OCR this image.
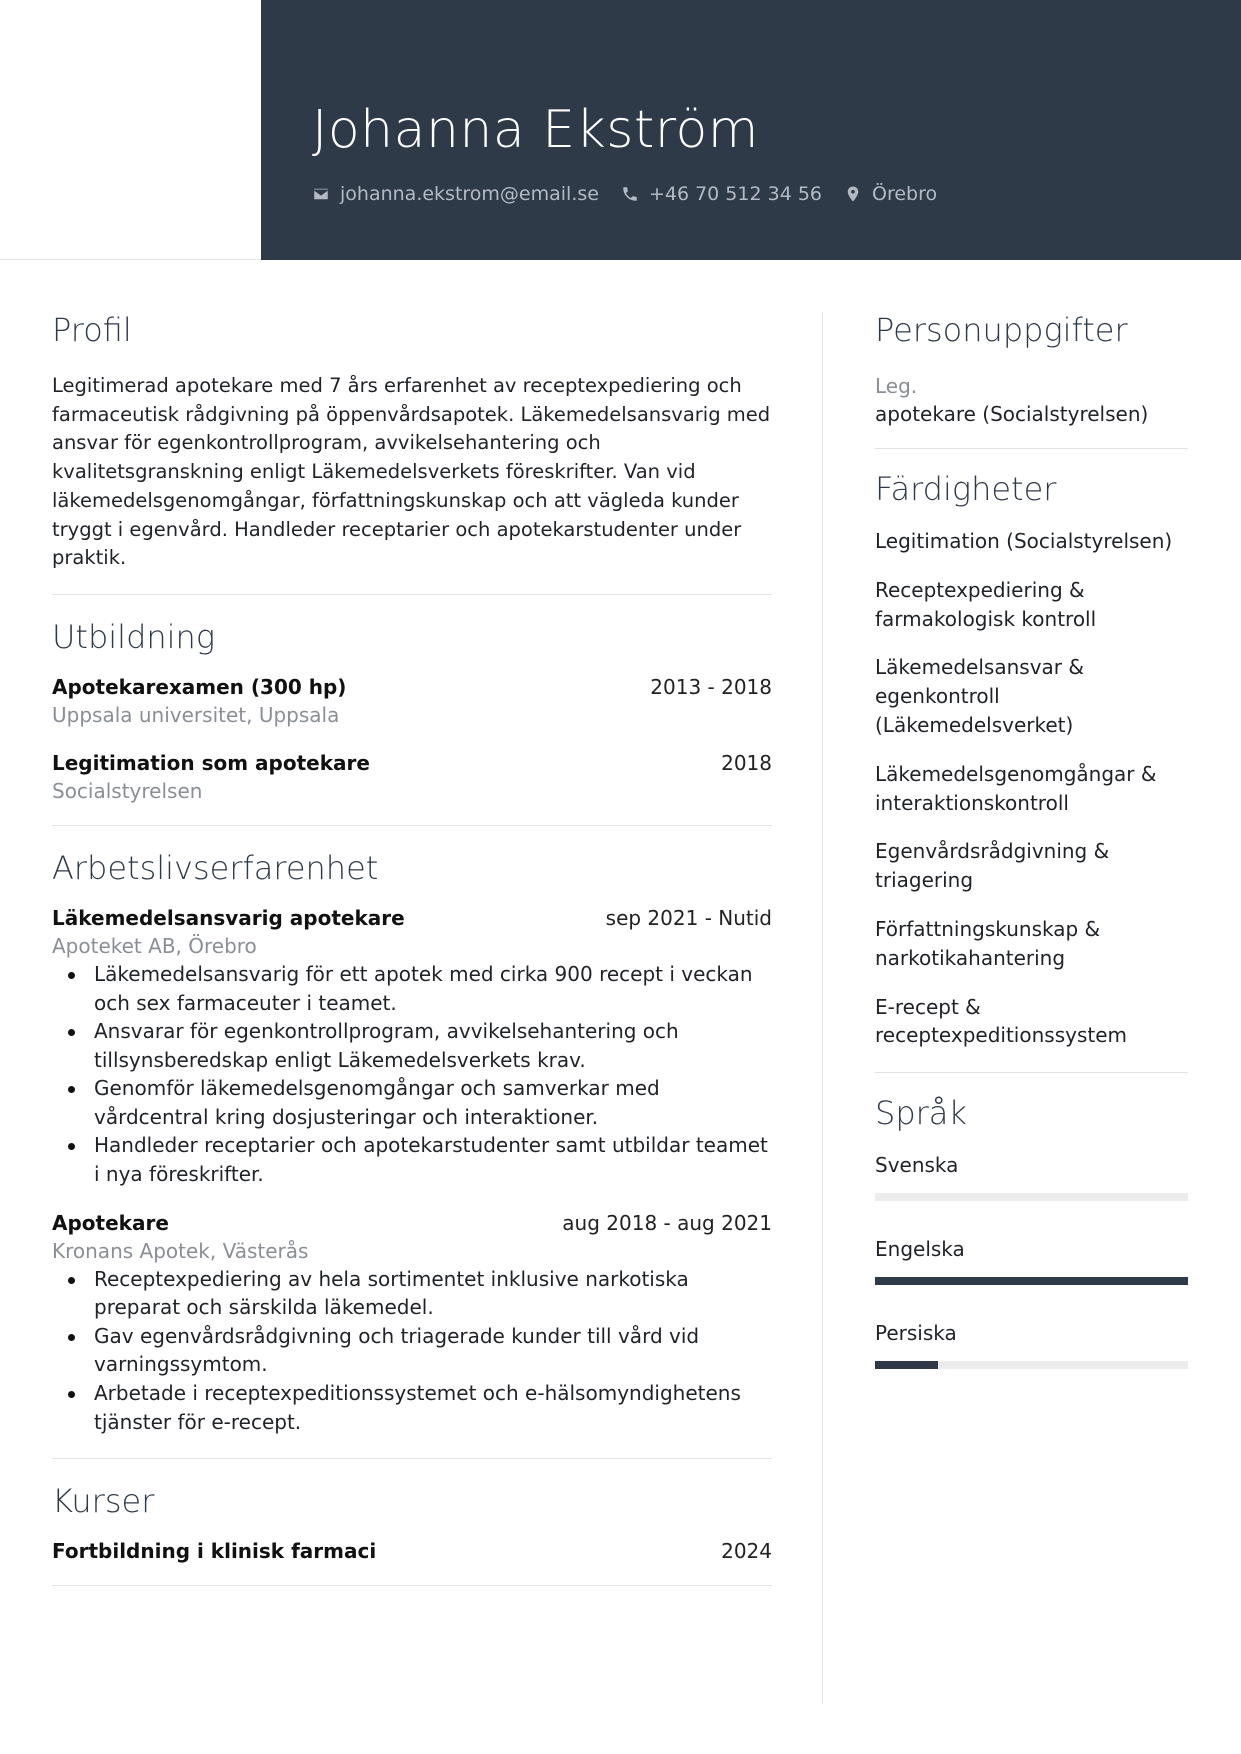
Johanna Ekström
johanna.ekstrom@email.se	+46 70 512 34 56	Örebro
Profil
Legitimerad apotekare med 7 års erfarenhet av receptexpediering och farmaceutisk rådgivning på öppenvårdsapotek. Läkemedelsansvarig med ansvar för egenkontrollprogram, avvikelsehantering och kvalitetsgranskning enligt Läkemedelsverkets föreskrifter. Van vid läkemedelsgenomgångar, författningskunskap och att vägleda kunder tryggt i egenvård. Handleder receptarier och apotekarstudenter under praktik.
Utbildning
Apotekarexamen (300 hp)	2013 - 2018
Uppsala universitet, Uppsala
Legitimation som apotekare	2018
Socialstyrelsen
Arbetslivserfarenhet
Läkemedelsansvarig apotekare	sep 2021 - Nutid
Apoteket AB, Örebro
Läkemedelsansvarig för ett apotek med cirka 900 recept i veckan och sex farmaceuter i teamet.
Ansvarar för egenkontrollprogram, avvikelsehantering och tillsynsberedskap enligt Läkemedelsverkets krav.
Genomför läkemedelsgenomgångar och samverkar med vårdcentral kring dosjusteringar och interaktioner.
Handleder receptarier och apotekarstudenter samt utbildar teamet i nya föreskrifter.
Apotekare	aug 2018 - aug 2021
Kronans Apotek, Västerås
Receptexpediering av hela sortimentet inklusive narkotiska preparat och särskilda läkemedel.
Gav egenvårdsrådgivning och triagerade kunder till vård vid varningssymtom.
Arbetade i receptexpeditionssystemet och e-hälsomyndighetens tjänster för e-recept.
Kurser
Fortbildning i klinisk farmaci	2024
Personuppgifter
Leg.
apotekare (Socialstyrelsen)
Färdigheter
Legitimation (Socialstyrelsen)
Receptexpediering & farmakologisk kontroll
Läkemedelsansvar & egenkontroll (Läkemedelsverket)
Läkemedelsgenomgångar & interaktionskontroll
Egenvårdsrådgivning & triagering
Författningskunskap & narkotikahantering
E-recept & receptexpeditionssystem
Språk
Svenska
Engelska
Persiska
